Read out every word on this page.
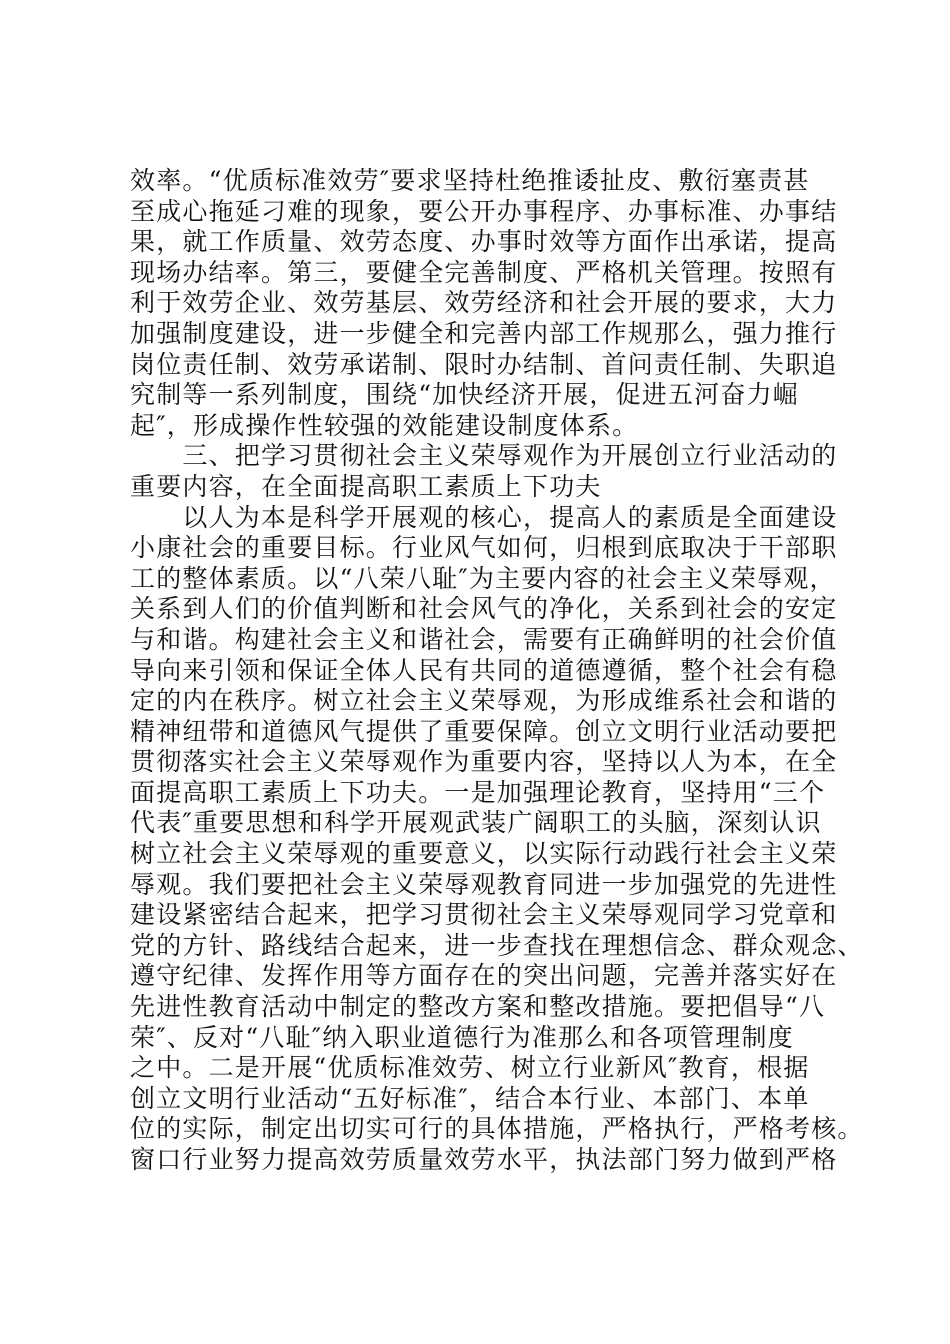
效率。“优质标准效劳″要求坚持杜绝推诿扯皮、敷衍塞责甚
至成心拖延刁难的现象，要公开办事程序、办事标准、办事结
果，就工作质量、效劳态度、办事时效等方面作出承诺，提高
现场办结率。第三，要健全完善制度、严格机关管理。按照有
利于效劳企业、效劳基层、效劳经济和社会开展的要求，大力
加强制度建设，进一步健全和完善内部工作规那么，强力推行
岗位责任制、效劳承诺制、限时办结制、首问责任制、失职追
究制等一系列制度，围绕“加快经济开展，促进五河奋力崛
起″，形成操作性较强的效能建设制度体系。
　　三、把学习贯彻社会主义荣辱观作为开展创立行业活动的
重要内容，在全面提高职工素质上下功夫
　　以人为本是科学开展观的核心，提高人的素质是全面建设
小康社会的重要目标。行业风气如何，归根到底取决于干部职
工的整体素质。以“八荣八耻″为主要内容的社会主义荣辱观，
关系到人们的价值判断和社会风气的净化，关系到社会的安定
与和谐。构建社会主义和谐社会，需要有正确鲜明的社会价值
导向来引领和保证全体人民有共同的道德遵循，整个社会有稳
定的内在秩序。树立社会主义荣辱观，为形成维系社会和谐的
精神纽带和道德风气提供了重要保障。创立文明行业活动要把
贯彻落实社会主义荣辱观作为重要内容，坚持以人为本，在全
面提高职工素质上下功夫。一是加强理论教育，坚持用“三个
代表″重要思想和科学开展观武装广阔职工的头脑，深刻认识
树立社会主义荣辱观的重要意义，以实际行动践行社会主义荣
辱观。我们要把社会主义荣辱观教育同进一步加强党的先进性
建设紧密结合起来，把学习贯彻社会主义荣辱观同学习党章和
党的方针、路线结合起来，进一步查找在理想信念、群众观念、
遵守纪律、发挥作用等方面存在的突出问题，完善并落实好在
先进性教育活动中制定的整改方案和整改措施。要把倡导“八
荣″、反对“八耻″纳入职业道德行为准那么和各项管理制度
之中。二是开展“优质标准效劳、树立行业新风″教育，根据
创立文明行业活动“五好标准″，结合本行业、本部门、本单
位的实际，制定出切实可行的具体措施，严格执行，严格考核。
窗口行业努力提高效劳质量效劳水平，执法部门努力做到严格
